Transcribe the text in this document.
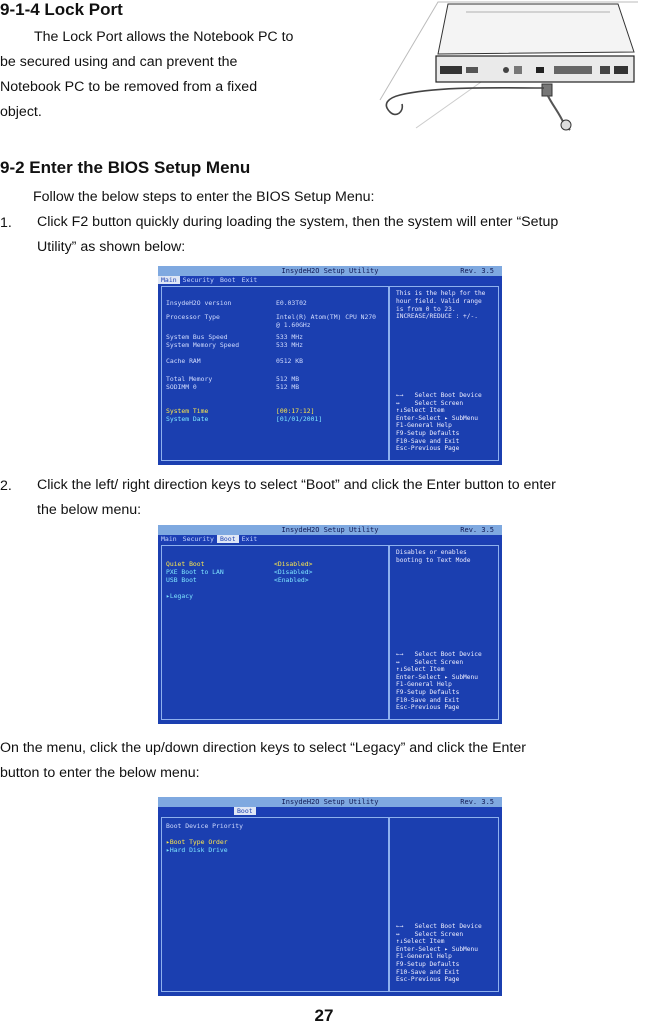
9-1-4 Lock Port
The Lock Port allows the Notebook PC to
be secured using and can prevent the
Notebook PC to be removed from a fixed
object.
9-2 Enter the BIOS Setup Menu
Follow the below steps to enter the BIOS Setup Menu:
1. Click F2 button quickly during loading the system, then the system will enter “Setup
Utility” as shown below:
InsydeH2O Setup Utility	Rev. 3.5
Main Security Boot Exit
InsydeH2O version	E0.03T02
Processor Type	Intel(R) Atom(TM) CPU N270
@ 1.60GHz
System Bus Speed	533 MHz
System Memory Speed	533 MHz
Cache RAM	0512 KB
Total Memory	512 MB
SODIMM 0	512 MB
System Time	[00:17:12]
System Date	[01/01/2001]
This is the help for the
hour field. Valid range
is from 0 to 23.
INCREASE/REDUCE : +/-.
←→   Select Boot Device
↔    Select Screen
↑↓Select Item
Enter-Select ▸ SubMenu
F1-General Help
F9-Setup Defaults
F10-Save and Exit
Esc-Previous Page
2. Click the left/ right direction keys to select “Boot” and click the Enter button to enter
the below menu:
InsydeH2O Setup Utility	Rev. 3.5
Main Security Boot Exit
Quiet Boot	<Disabled>
PXE Boot to LAN	<Disabled>
USB Boot	<Enabled>
▸Legacy
Disables or enables
booting to Text Mode
←→   Select Boot Device
↔    Select Screen
↑↓Select Item
Enter-Select ▸ SubMenu
F1-General Help
F9-Setup Defaults
F10-Save and Exit
Esc-Previous Page
On the menu, click the up/down direction keys to select “Legacy” and click the Enter
button to enter the below menu:
InsydeH2O Setup Utility	Rev. 3.5
Boot
Boot Device Priority
▸Boot Type Order
▸Hard Disk Drive
←→   Select Boot Device
↔    Select Screen
↑↓Select Item
Enter-Select ▸ SubMenu
F1-General Help
F9-Setup Defaults
F10-Save and Exit
Esc-Previous Page
27
